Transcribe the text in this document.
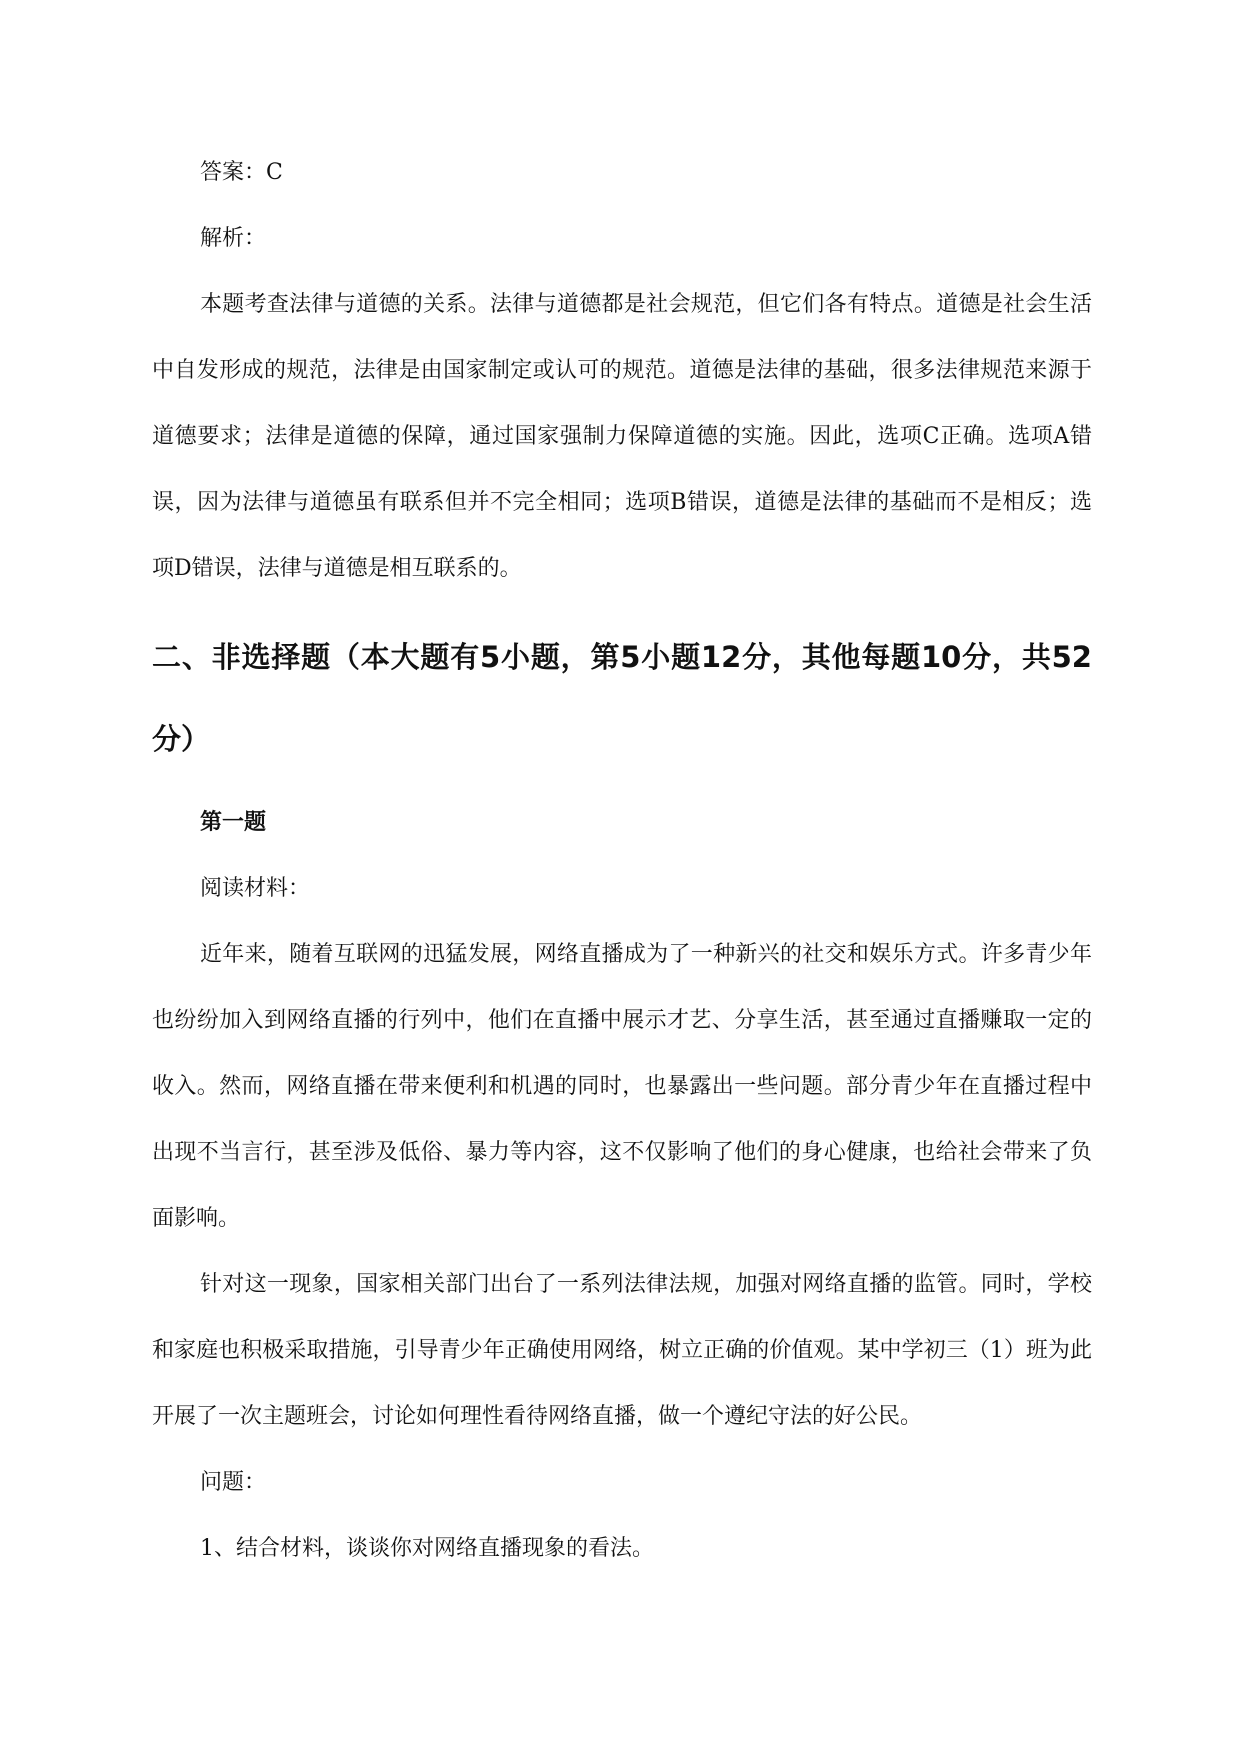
答案：C

解析：

本题考查法律与道德的关系。法律与道德都是社会规范，但它们各有特点。道德是社会生活中自发形成的规范，法律是由国家制定或认可的规范。道德是法律的基础，很多法律规范来源于道德要求；法律是道德的保障，通过国家强制力保障道德的实施。因此，选项C正确。选项A错误，因为法律与道德虽有联系但并不完全相同；选项B错误，道德是法律的基础而不是相反；选项D错误，法律与道德是相互联系的。

二、非选择题（本大题有5小题，第5小题12分，其他每题10分，共52分）
第一题

阅读材料：

近年来，随着互联网的迅猛发展，网络直播成为了一种新兴的社交和娱乐方式。许多青少年也纷纷加入到网络直播的行列中，他们在直播中展示才艺、分享生活，甚至通过直播赚取一定的收入。然而，网络直播在带来便利和机遇的同时，也暴露出一些问题。部分青少年在直播过程中出现不当言行，甚至涉及低俗、暴力等内容，这不仅影响了他们的身心健康，也给社会带来了负面影响。

针对这一现象，国家相关部门出台了一系列法律法规，加强对网络直播的监管。同时，学校和家庭也积极采取措施，引导青少年正确使用网络，树立正确的价值观。某中学初三（1）班为此开展了一次主题班会，讨论如何理性看待网络直播，做一个遵纪守法的好公民。

问题：

1、结合材料，谈谈你对网络直播现象的看法。
